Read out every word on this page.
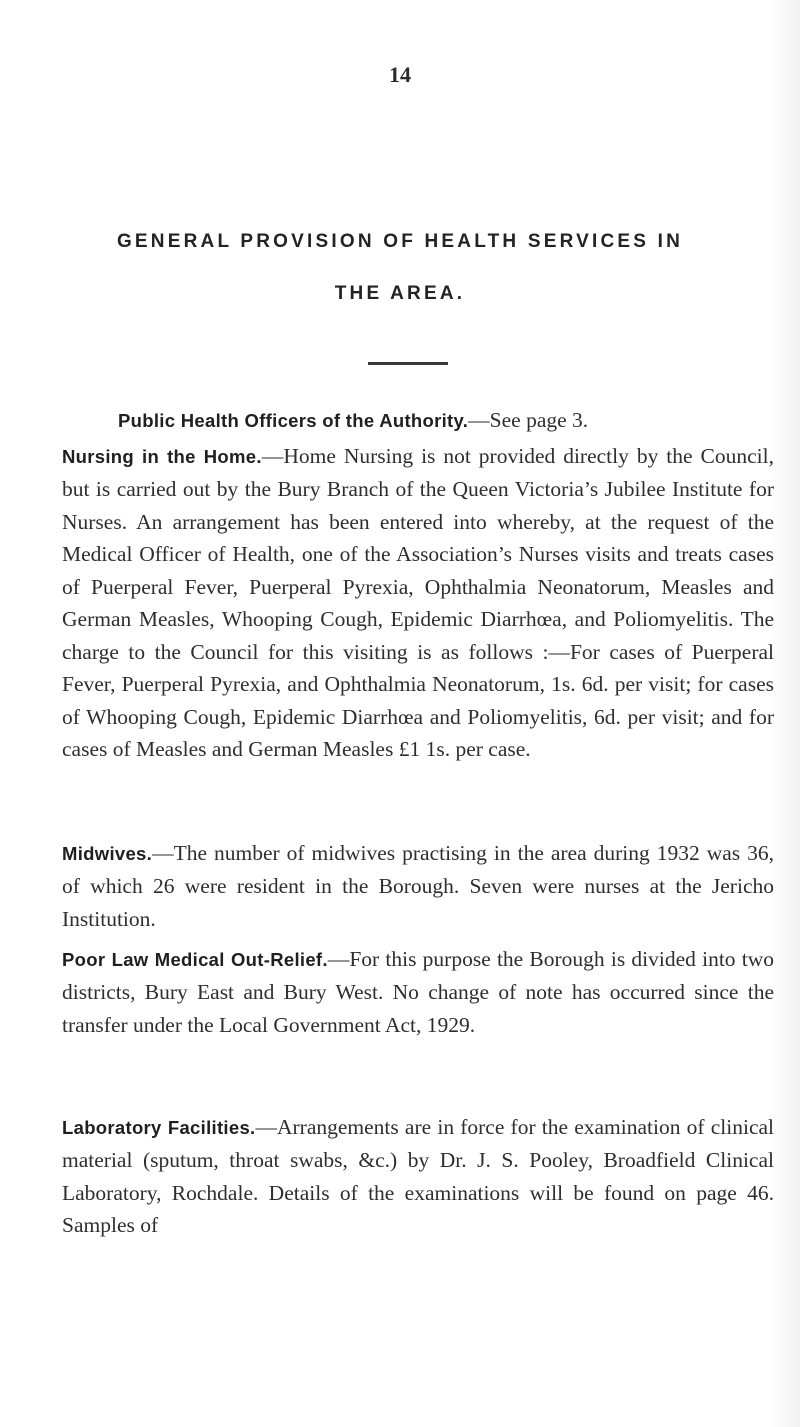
14
GENERAL PROVISION OF HEALTH SERVICES IN
THE AREA.

Public Health Officers of the Authority.—See page 3.

Nursing in the Home.—Home Nursing is not provided directly by the Council, but is carried out by the Bury Branch of the Queen Victoria’s Jubilee Institute for Nurses. An arrangement has been entered into whereby, at the request of the Medical Officer of Health, one of the Association’s Nurses visits and treats cases of Puerperal Fever, Puerperal Pyrexia, Ophthalmia Neonatorum, Measles and German Measles, Whooping Cough, Epidemic Diarrhœa, and Poliomyelitis. The charge to the Council for this visiting is as follows :—For cases of Puerperal Fever, Puerperal Pyrexia, and Ophthalmia Neonatorum, 1s. 6d. per visit; for cases of Whooping Cough, Epidemic Diarrhœa and Poliomyelitis, 6d. per visit; and for cases of Measles and German Measles £1 1s. per case.

Midwives.—The number of midwives practising in the area during 1932 was 36, of which 26 were resident in the Borough. Seven were nurses at the Jericho Institution.

Poor Law Medical Out-Relief.—For this purpose the Borough is divided into two districts, Bury East and Bury West. No change of note has occurred since the transfer under the Local Government Act, 1929.

Laboratory Facilities.—Arrangements are in force for the examination of clinical material (sputum, throat swabs, &c.) by Dr. J. S. Pooley, Broadfield Clinical Laboratory, Rochdale. Details of the examinations will be found on page 46. Samples of
